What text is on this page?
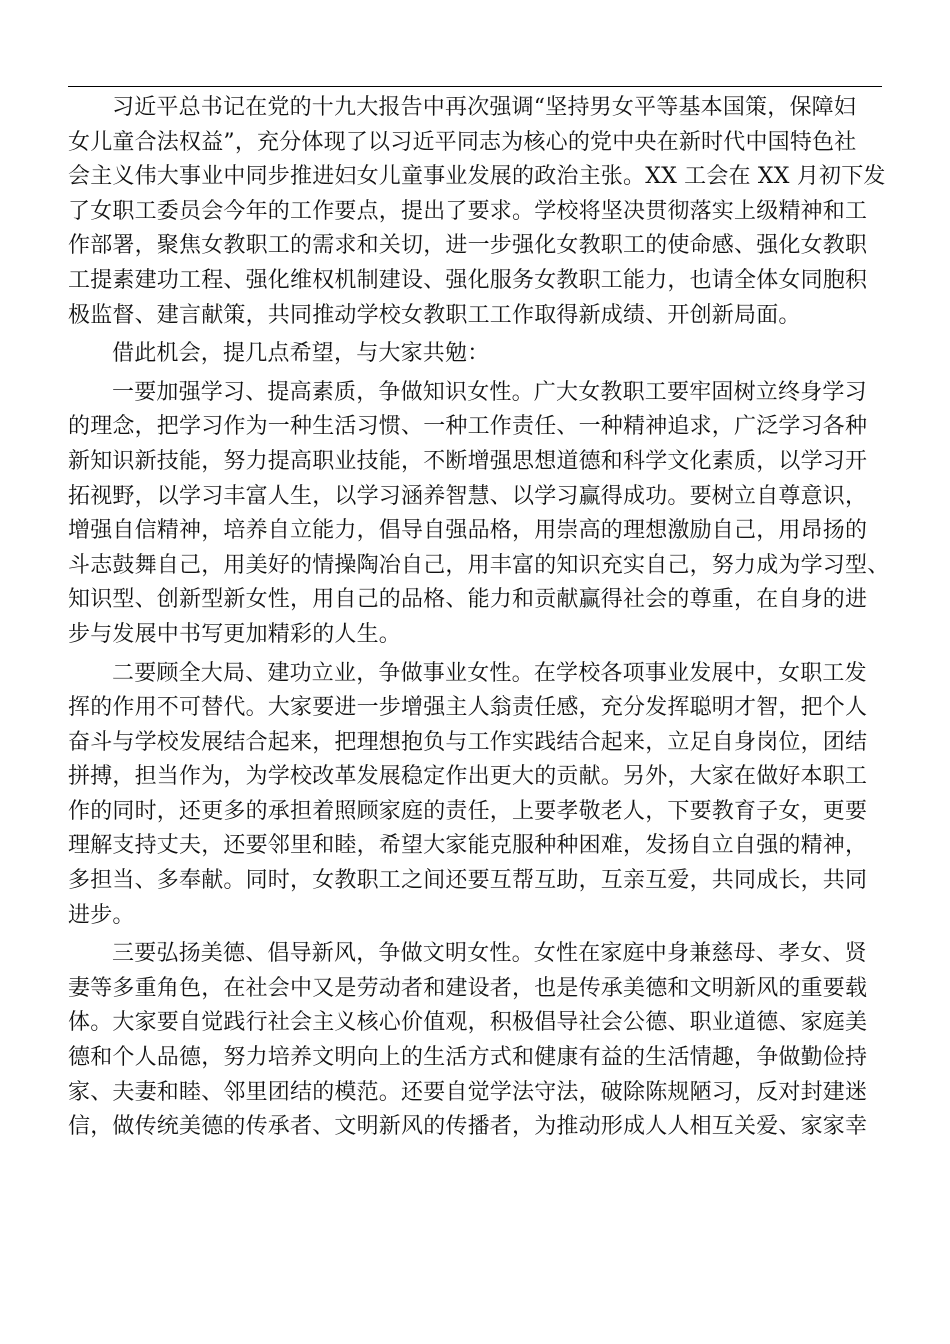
习近平总书记在党的十九大报告中再次强调“坚持男女平等基本国策，保障妇
女儿童合法权益”，充分体现了以习近平同志为核心的党中央在新时代中国特色社
会主义伟大事业中同步推进妇女儿童事业发展的政治主张。XX 工会在 XX 月初下发
了女职工委员会今年的工作要点，提出了要求。学校将坚决贯彻落实上级精神和工
作部署，聚焦女教职工的需求和关切，进一步强化女教职工的使命感、强化女教职
工提素建功工程、强化维权机制建设、强化服务女教职工能力，也请全体女同胞积
极监督、建言献策，共同推动学校女教职工工作取得新成绩、开创新局面。
借此机会，提几点希望，与大家共勉：
一要加强学习、提高素质，争做知识女性。广大女教职工要牢固树立终身学习
的理念，把学习作为一种生活习惯、一种工作责任、一种精神追求，广泛学习各种
新知识新技能，努力提高职业技能，不断增强思想道德和科学文化素质，以学习开
拓视野，以学习丰富人生，以学习涵养智慧、以学习赢得成功。要树立自尊意识，
增强自信精神，培养自立能力，倡导自强品格，用崇高的理想激励自己，用昂扬的
斗志鼓舞自己，用美好的情操陶冶自己，用丰富的知识充实自己，努力成为学习型、
知识型、创新型新女性，用自己的品格、能力和贡献赢得社会的尊重，在自身的进
步与发展中书写更加精彩的人生。
二要顾全大局、建功立业，争做事业女性。在学校各项事业发展中，女职工发
挥的作用不可替代。大家要进一步增强主人翁责任感，充分发挥聪明才智，把个人
奋斗与学校发展结合起来，把理想抱负与工作实践结合起来，立足自身岗位，团结
拼搏，担当作为，为学校改革发展稳定作出更大的贡献。另外，大家在做好本职工
作的同时，还更多的承担着照顾家庭的责任，上要孝敬老人，下要教育子女，更要
理解支持丈夫，还要邻里和睦，希望大家能克服种种困难，发扬自立自强的精神，
多担当、多奉献。同时，女教职工之间还要互帮互助，互亲互爱，共同成长，共同
进步。
三要弘扬美德、倡导新风，争做文明女性。女性在家庭中身兼慈母、孝女、贤
妻等多重角色，在社会中又是劳动者和建设者，也是传承美德和文明新风的重要载
体。大家要自觉践行社会主义核心价值观，积极倡导社会公德、职业道德、家庭美
德和个人品德，努力培养文明向上的生活方式和健康有益的生活情趣，争做勤俭持
家、夫妻和睦、邻里团结的模范。还要自觉学法守法，破除陈规陋习，反对封建迷
信，做传统美德的传承者、文明新风的传播者，为推动形成人人相互关爱、家家幸
